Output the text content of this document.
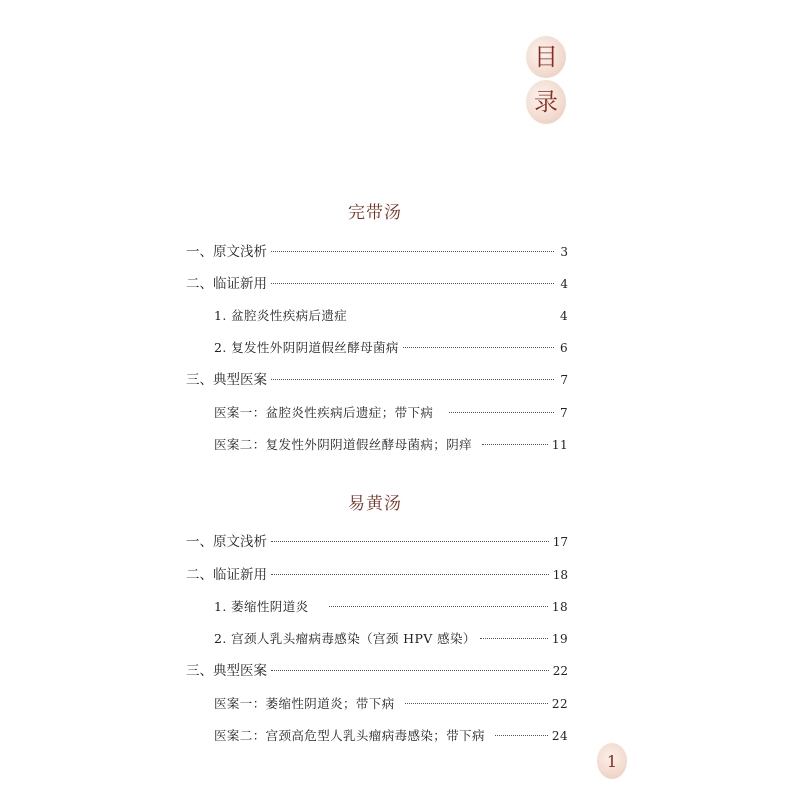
目
录
完带汤
一、原文浅析	3
二、临证新用	4
1. 盆腔炎性疾病后遗症	4
2. 复发性外阴阴道假丝酵母菌病	6
三、典型医案	7
医案一：盆腔炎性疾病后遗症；带下病	7
医案二：复发性外阴阴道假丝酵母菌病；阴痒	11
易黄汤
一、原文浅析	17
二、临证新用	18
1. 萎缩性阴道炎	18
2. 宫颈人乳头瘤病毒感染（宫颈 HPV 感染）	19
三、典型医案	22
医案一：萎缩性阴道炎；带下病	22
医案二：宫颈高危型人乳头瘤病毒感染；带下病	24
1
